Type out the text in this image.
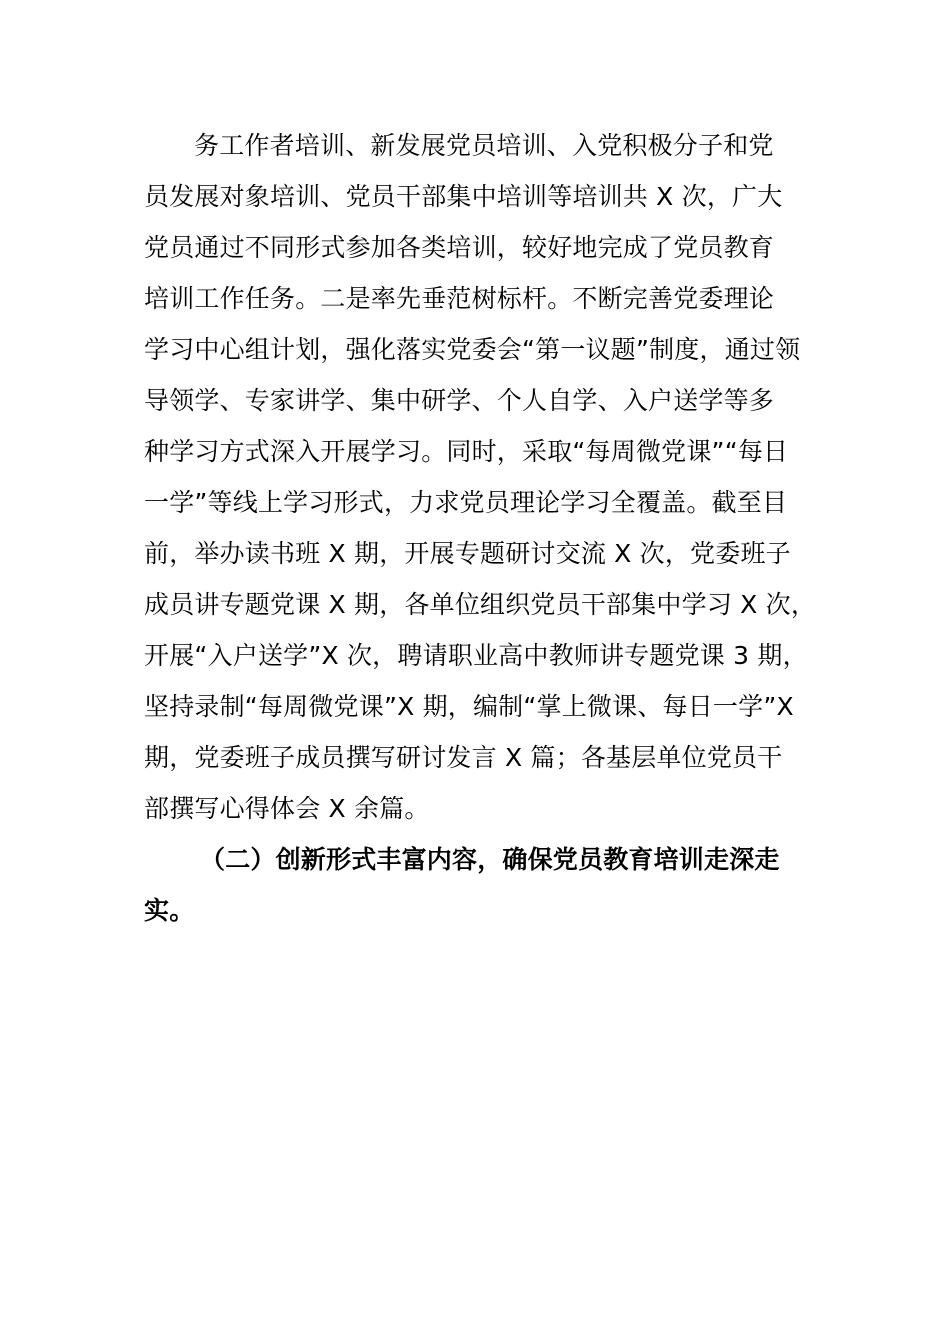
务工作者培训、新发展党员培训、入党积极分子和党
员发展对象培训、党员干部集中培训等培训共 X 次，广大
党员通过不同形式参加各类培训，较好地完成了党员教育
培训工作任务。二是率先垂范树标杆。不断完善党委理论
学习中心组计划，强化落实党委会“第一议题”制度，通过领
导领学、专家讲学、集中研学、个人自学、入户送学等多
种学习方式深入开展学习。同时，采取“每周微党课”“每日
一学”等线上学习形式，力求党员理论学习全覆盖。截至目
前，举办读书班 X 期，开展专题研讨交流 X 次，党委班子
成员讲专题党课 X 期，各单位组织党员干部集中学习 X 次，
开展“入户送学”X 次，聘请职业高中教师讲专题党课 3 期，
坚持录制“每周微党课”X 期，编制“掌上微课、每日一学”X
期，党委班子成员撰写研讨发言 X 篇；各基层单位党员干
部撰写心得体会 X 余篇。
（二）创新形式丰富内容，确保党员教育培训走深走
实。
